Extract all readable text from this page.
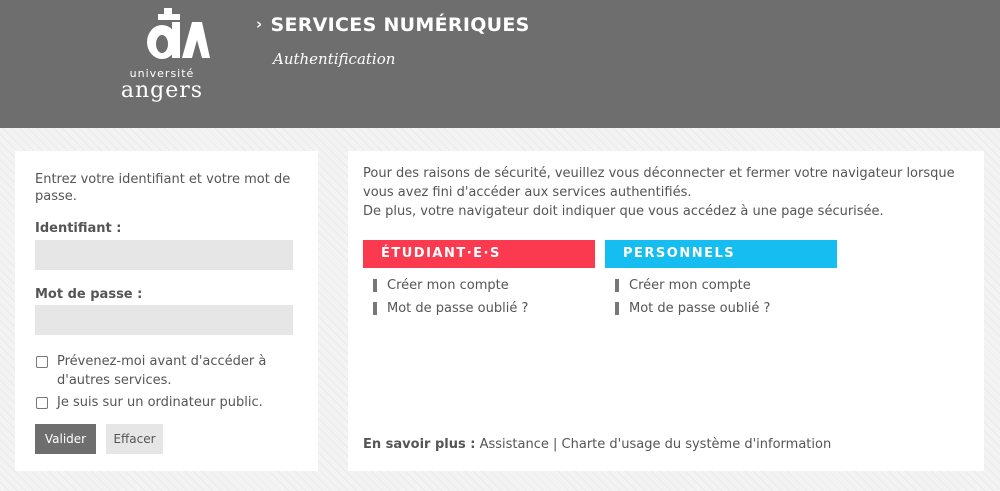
université
angers
› SERVICES NUMÉRIQUES
Authentification
Entrez votre identifiant et votre mot de passe.
Identifiant :
Mot de passe :
Prévenez-moi avant d'accéder à d'autres services.
Je suis sur un ordinateur public.
Valider	Effacer
Pour des raisons de sécurité, veuillez vous déconnecter et fermer votre navigateur lorsque vous avez fini d'accéder aux services authentifiés.
De plus, votre navigateur doit indiquer que vous accédez à une page sécurisée.
ÉTUDIANT·E·S
Créer mon compte
Mot de passe oublié ?
PERSONNELS
Créer mon compte
Mot de passe oublié ?
En savoir plus : Assistance | Charte d'usage du système d'information
